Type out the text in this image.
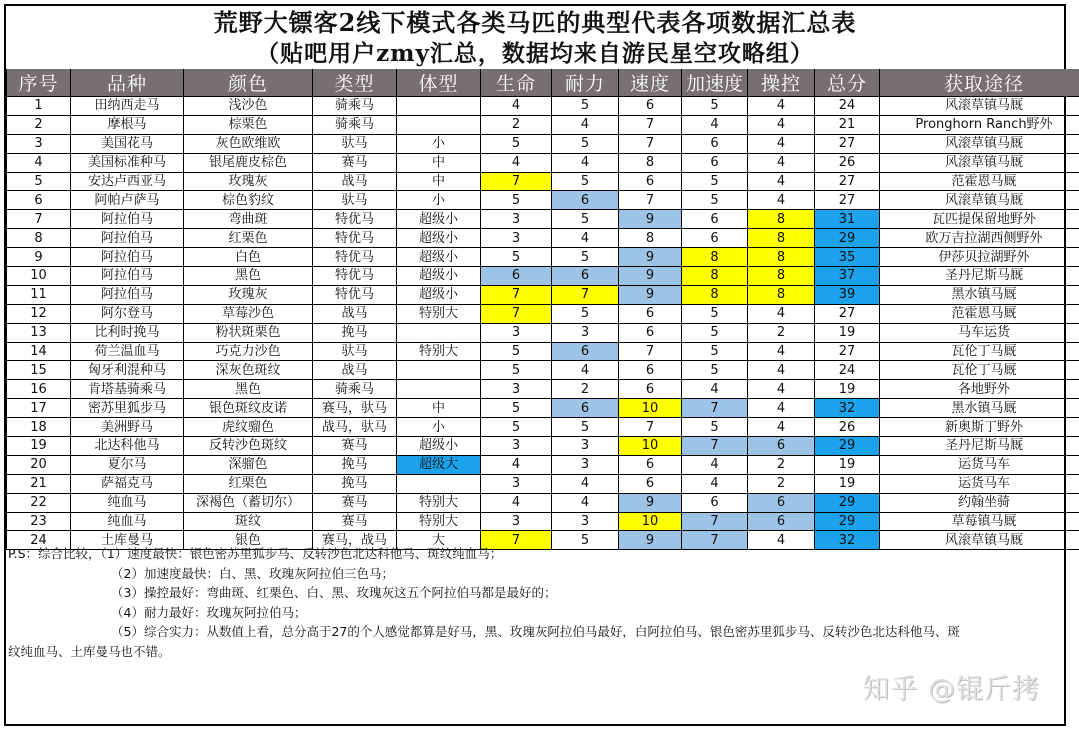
荒野大镖客2线下模式各类马匹的典型代表各项数据汇总表
（贴吧用户zmy汇总，数据均来自游民星空攻略组）
序号	品种	颜色	类型	体型	生命	耐力	速度	加速度	操控	总分	获取途径
1	田纳西走马	浅沙色	骑乘马		4	5	6	5	4	24	风滚草镇马厩
2	摩根马	棕栗色	骑乘马		2	4	7	4	4	21	Pronghorn Ranch野外
3	美国花马	灰色欧维欧	驮马	小	5	5	7	6	4	27	风滚草镇马厩
4	美国标准种马	银尾鹿皮棕色	赛马	中	4	4	8	6	4	26	风滚草镇马厩
5	安达卢西亚马	玫瑰灰	战马	中	7	5	6	5	4	27	范霍恩马厩
6	阿帕卢萨马	棕色豹纹	驮马	小	5	6	7	5	4	27	风滚草镇马厩
7	阿拉伯马	弯曲斑	特优马	超级小	3	5	9	6	8	31	瓦匹提保留地野外
8	阿拉伯马	红栗色	特优马	超级小	3	4	8	6	8	29	欧万吉拉湖西侧野外
9	阿拉伯马	白色	特优马	超级小	5	5	9	8	8	35	伊莎贝拉湖野外
10	阿拉伯马	黑色	特优马	超级小	6	6	9	8	8	37	圣丹尼斯马厩
11	阿拉伯马	玫瑰灰	特优马	超级小	7	7	9	8	8	39	黑水镇马厩
12	阿尔登马	草莓沙色	战马	特别大	7	5	6	5	4	27	范霍恩马厩
13	比利时挽马	粉状斑栗色	挽马		3	3	6	5	2	19	马车运货
14	荷兰温血马	巧克力沙色	驮马	特别大	5	6	7	5	4	27	瓦伦丁马厩
15	匈牙利混种马	深灰色斑纹	战马		5	4	6	5	4	24	瓦伦丁马厩
16	肯塔基骑乘马	黑色	骑乘马		3	2	6	4	4	19	各地野外
17	密苏里狐步马	银色斑纹皮诺	赛马，驮马	中	5	6	10	7	4	32	黑水镇马厩
18	美洲野马	虎纹骝色	战马，驮马	小	5	5	7	5	4	26	新奥斯丁野外
19	北达科他马	反转沙色斑纹	赛马	超级小	3	3	10	7	6	29	圣丹尼斯马厩
20	夏尔马	深骝色	挽马	超级大	4	3	6	4	2	19	运货马车
21	萨福克马	红栗色	挽马		3	4	6	4	2	19	运货马车
22	纯血马	深褐色（蓄切尔）	赛马	特别大	4	4	9	6	6	29	约翰坐骑
23	纯血马	斑纹	赛马	特别大	3	3	10	7	6	29	草莓镇马厩
24	土库曼马	银色	赛马，战马	大	7	5	9	7	4	32	风滚草镇马厩
P.S：综合比较，（1）速度最快：银色密苏里狐步马、反转沙色北达科他马、斑纹纯血马；
（2）加速度最快：白、黑、玫瑰灰阿拉伯三色马；
（3）操控最好：弯曲斑、红栗色、白、黑、玫瑰灰这五个阿拉伯马都是最好的；
（4）耐力最好：玫瑰灰阿拉伯马；
（5）综合实力：从数值上看，总分高于27的个人感觉都算是好马，黑、玫瑰灰阿拉伯马最好，白阿拉伯马、银色密苏里狐步马、反转沙色北达科他马、斑
纹纯血马、土库曼马也不错。
知乎 @锟斤拷
